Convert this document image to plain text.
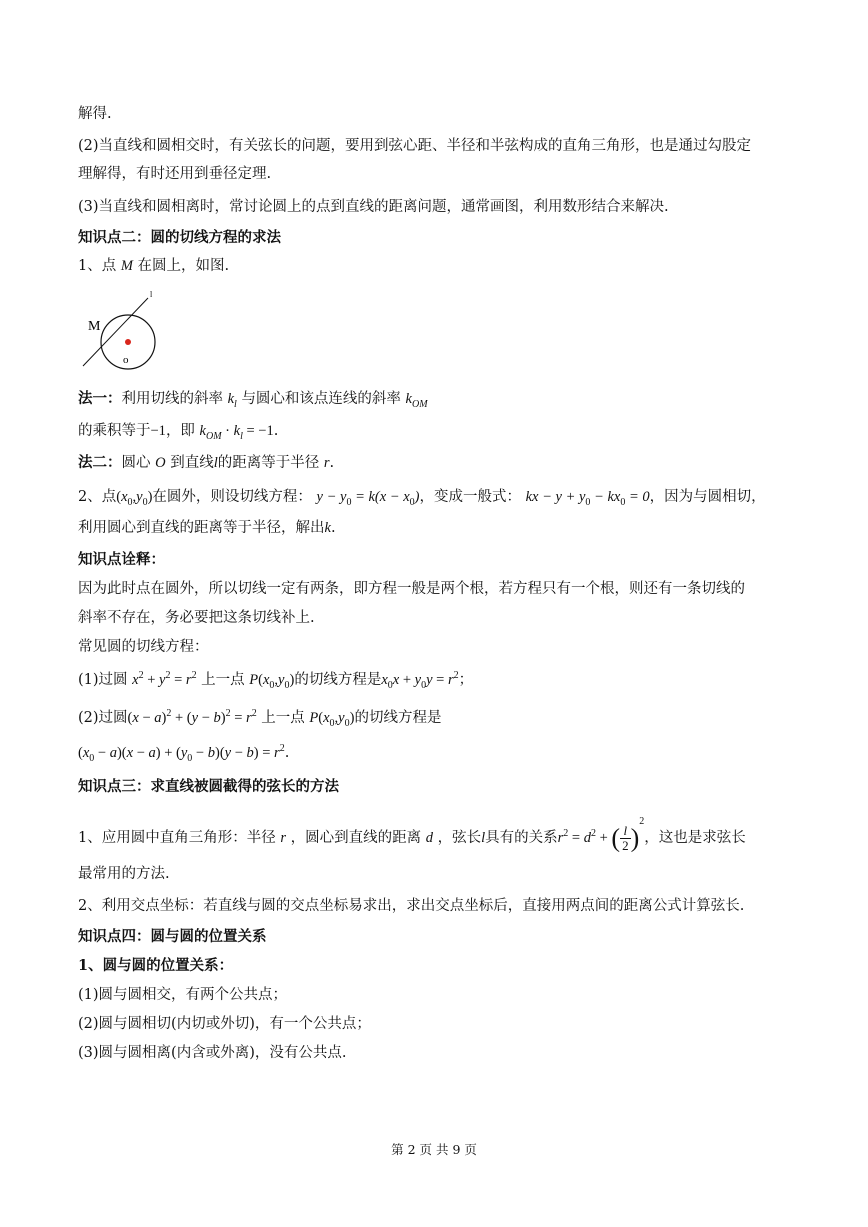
解得.
(2)当直线和圆相交时，有关弦长的问题，要用到弦心距、半径和半弦构成的直角三角形，也是通过勾股定
理解得，有时还用到垂径定理.
(3)当直线和圆相离时，常讨论圆上的点到直线的距离问题，通常画图，利用数形结合来解决.
知识点二：圆的切线方程的求法
1、点 M 在圆上，如图.
M
o
l
法一：利用切线的斜率 $k_l$ 与圆心和该点连线的斜率 $k_{OM}$
的乘积等于−1，即 $k_{OM} \cdot k_l = -1$.
法二：圆心 O 到直线l的距离等于半径 r.
2、点$(x_0,y_0)$在圆外，则设切线方程： $y - y_0 = k(x - x_0)$，变成一般式： kx − $y + y_0 - kx_0 = 0$，因为与圆相切，
利用圆心到直线的距离等于半径，解出k.
知识点诠释：
因为此时点在圆外，所以切线一定有两条，即方程一般是两个根，若方程只有一个根，则还有一条切线的
斜率不存在，务必要把这条切线补上.
常见圆的切线方程：
(1)过圆 $x^2 + y^2 = r^2$ 上一点 $P(x_0,y_0)$的切线方程是$x_0x + y_0y = r^2$；
(2)过圆$(x - a)^2 + (y - b)^2 = r^2$ 上一点 $P(x_0,y_0)$的切线方程是
$(x_0 - a)(x - a) + (y_0 - b)(y - b) = r^2$.
知识点三：求直线被圆截得的弦长的方法
1、应用圆中直角三角形：半径 r ，圆心到直线的距离 d ，弦长l具有的关系$r^2 = d^2$ + ( $\frac{l}{2} )^2$，这也是求弦长
最常用的方法.
2、利用交点坐标：若直线与圆的交点坐标易求出，求出交点坐标后，直接用两点间的距离公式计算弦长.
知识点四：圆与圆的位置关系
1、圆与圆的位置关系：
(1)圆与圆相交，有两个公共点；
(2)圆与圆相切(内切或外切)，有一个公共点；
(3)圆与圆相离(内含或外离)，没有公共点.
第 2 页 共 9 页
